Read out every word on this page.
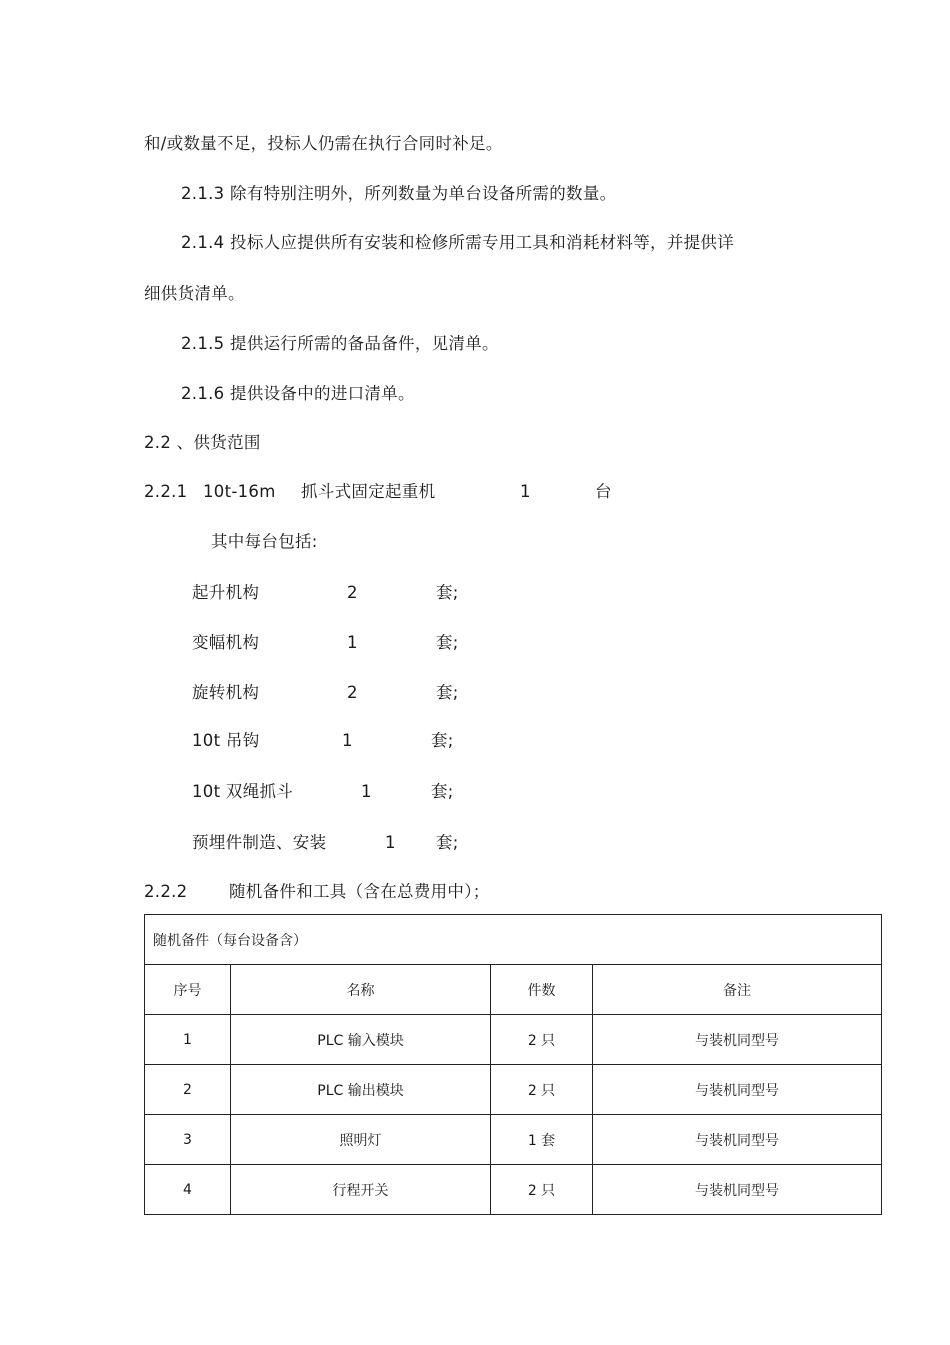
和/或数量不足，投标人仍需在执行合同时补足。
2.1.3 除有特别注明外，所列数量为单台设备所需的数量。
2.1.4 投标人应提供所有安装和检修所需专用工具和消耗材料等，并提供详
细供货清单。
2.1.5 提供运行所需的备品备件，见清单。
2.1.6 提供设备中的进口清单。
2.2 、供货范围
2.2.1 10t-16m 抓斗式固定起重机	1	台
其中每台包括:
起升机构	2	套;
变幅机构	1	套;
旋转机构	2	套;
10t 吊钩	1	套;
10t 双绳抓斗	1	套;
预埋件制造、安装	1 套;
2.2.2	随机备件和工具（含在总费用中）；
随机备件（每台设备含）			
序号	名称	件数	备注
1	PLC 输入模块	2 只	与装机同型号
2	PLC 输出模块	2 只	与装机同型号
3	照明灯	1 套	与装机同型号
4	行程开关	2 只	与装机同型号
